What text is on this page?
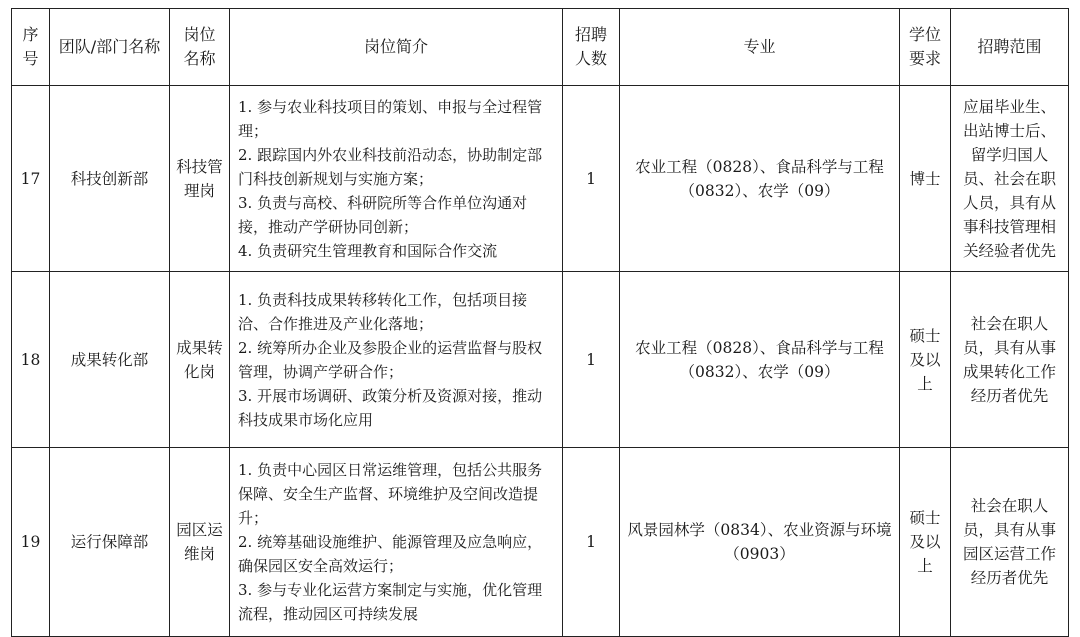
序号	团队/部门名称	岗位名称	岗位简介	招聘人数	专业	学位要求	招聘范围
17	科技创新部	科技管理岗	1. 参与农业科技项目的策划、申报与全过程管理；
2. 跟踪国内外农业科技前沿动态，协助制定部门科技创新规划与实施方案；
3. 负责与高校、科研院所等合作单位沟通对接，推动产学研协同创新；
4. 负责研究生管理教育和国际合作交流	1	农业工程（0828）、食品科学与工程（0832）、农学（09）	博士	应届毕业生、出站博士后、留学归国人员、社会在职人员，具有从事科技管理相关经验者优先
18	成果转化部	成果转化岗	1. 负责科技成果转移转化工作，包括项目接洽、合作推进及产业化落地；
2. 统筹所办企业及参股企业的运营监督与股权管理，协调产学研合作；
3. 开展市场调研、政策分析及资源对接，推动科技成果市场化应用	1	农业工程（0828）、食品科学与工程（0832）、农学（09）	硕士及以上	社会在职人员，具有从事成果转化工作经历者优先
19	运行保障部	园区运维岗	1. 负责中心园区日常运维管理，包括公共服务保障、安全生产监督、环境维护及空间改造提升；
2. 统筹基础设施维护、能源管理及应急响应，确保园区安全高效运行；
3. 参与专业化运营方案制定与实施，优化管理流程，推动园区可持续发展	1	风景园林学（0834）、农业资源与环境（0903）	硕士及以上	社会在职人员，具有从事园区运营工作经历者优先
